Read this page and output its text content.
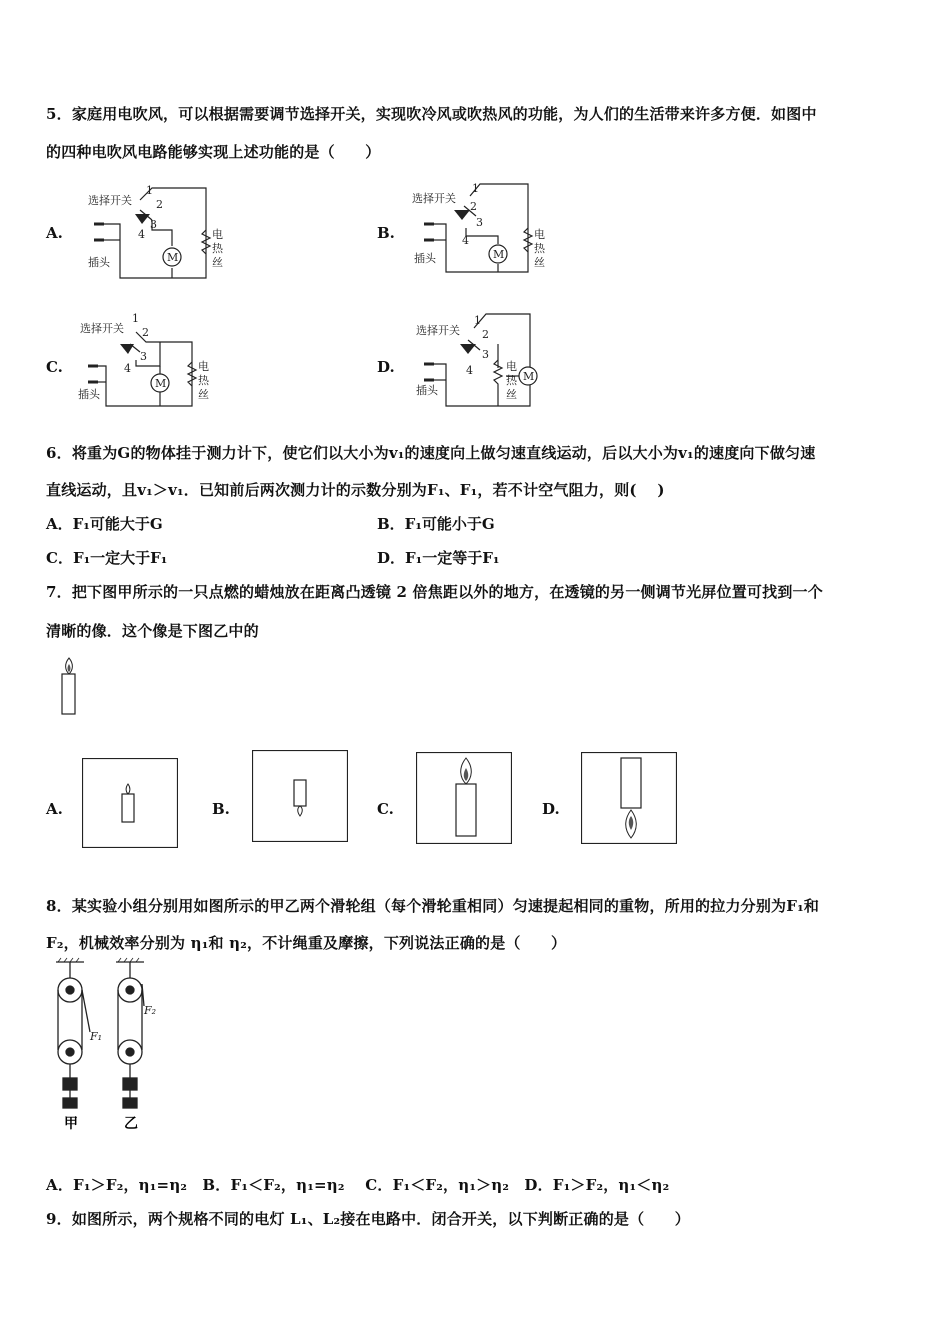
5．家庭用电吹风，可以根据需要调节选择开关，实现吹冷风或吹热风的功能，为人们的生活带来许多方便．如图中
的四种电吹风电路能够实现上述功能的是（　　）
A.	B.
C.	D.
M
选择开关
1
2
3
4
插头
电
热
丝
M
选择开关
1
2
3
4
插头
电
热
丝
M
选择开关
1
2
3
4
插头
电
热
丝
M
选择开关
1
2
3
4
插头
电
热
丝
6．将重为G的物体挂于测力计下，使它们以大小为v₁的速度向上做匀速直线运动，后以大小为v₁的速度向下做匀速
直线运动，且v₁＞v₁．已知前后两次测力计的示数分别为F₁、F₁，若不计空气阻力，则(　 )
A．F₁可能大于G	B．F₁可能小于G
C．F₁一定大于F₁	D．F₁一定等于F₁
7．把下图甲所示的一只点燃的蜡烛放在距离凸透镜 2 倍焦距以外的地方，在透镜的另一侧调节光屏位置可找到一个
清晰的像．这个像是下图乙中的
A.	B.	C.	D.
8．某实验小组分别用如图所示的甲乙两个滑轮组（每个滑轮重相同）匀速提起相同的重物，所用的拉力分别为F₁和
F₂，机械效率分别为 η₁和 η₂，不计绳重及摩擦，下列说法正确的是（　　）
F₁
F₂
甲	乙
A．F₁＞F₂，η₁=η₂　B．F₁＜F₂，η₁=η₂　 C．F₁＜F₂，η₁＞η₂　D．F₁＞F₂，η₁＜η₂
9．如图所示，两个规格不同的电灯 L₁、L₂接在电路中．闭合开关，以下判断正确的是（　　）
